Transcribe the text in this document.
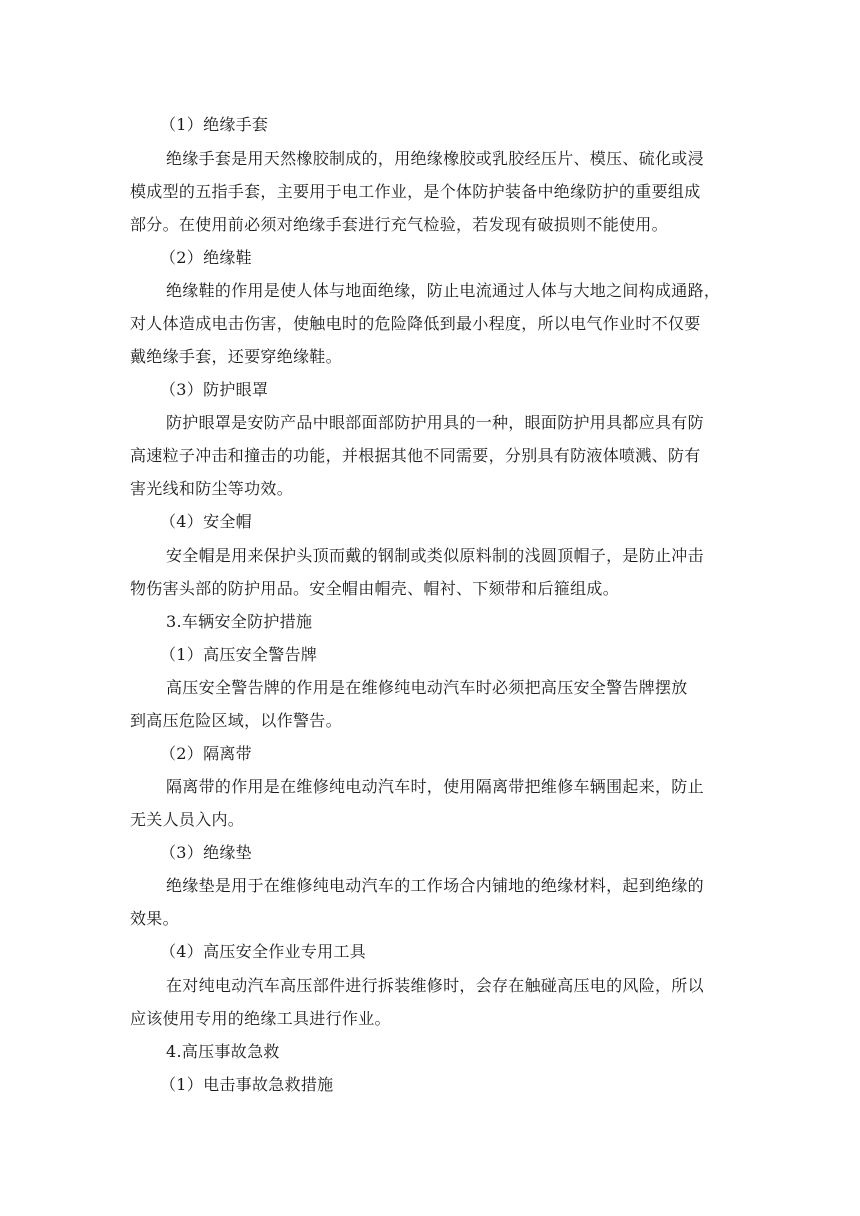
（1）绝缘手套
绝缘手套是用天然橡胶制成的，用绝缘橡胶或乳胶经压片、模压、硫化或浸
模成型的五指手套，主要用于电工作业，是个体防护装备中绝缘防护的重要组成
部分。在使用前必须对绝缘手套进行充气检验，若发现有破损则不能使用。
（2）绝缘鞋
绝缘鞋的作用是使人体与地面绝缘，防止电流通过人体与大地之间构成通路，
对人体造成电击伤害，使触电时的危险降低到最小程度，所以电气作业时不仅要
戴绝缘手套，还要穿绝缘鞋。
（3）防护眼罩
防护眼罩是安防产品中眼部面部防护用具的一种，眼面防护用具都应具有防
高速粒子冲击和撞击的功能，并根据其他不同需要，分别具有防液体喷溅、防有
害光线和防尘等功效。
（4）安全帽
安全帽是用来保护头顶而戴的钢制或类似原料制的浅圆顶帽子，是防止冲击
物伤害头部的防护用品。安全帽由帽壳、帽衬、下颏带和后箍组成。
3.车辆安全防护措施
（1）高压安全警告牌
高压安全警告牌的作用是在维修纯电动汽车时必须把高压安全警告牌摆放
到高压危险区域，以作警告。
（2）隔离带
隔离带的作用是在维修纯电动汽车时，使用隔离带把维修车辆围起来，防止
无关人员入内。
（3）绝缘垫
绝缘垫是用于在维修纯电动汽车的工作场合内铺地的绝缘材料，起到绝缘的
效果。
（4）高压安全作业专用工具
在对纯电动汽车高压部件进行拆装维修时，会存在触碰高压电的风险，所以
应该使用专用的绝缘工具进行作业。
4.高压事故急救
（1）电击事故急救措施
